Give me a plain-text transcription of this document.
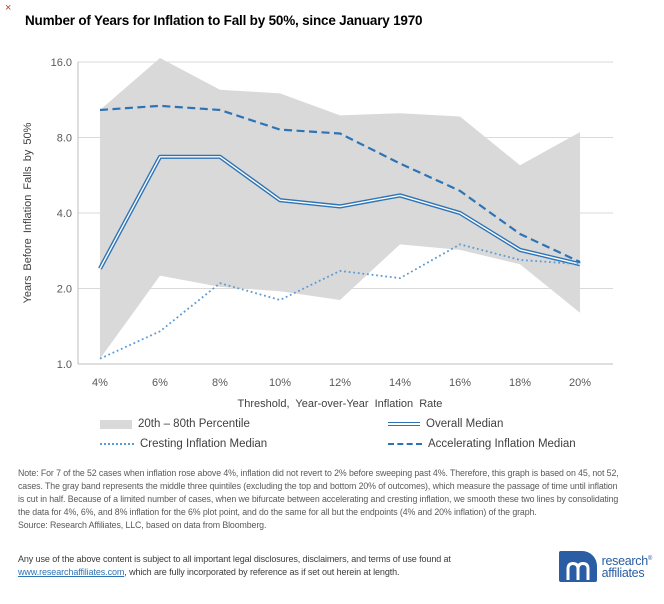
×
Number of Years for Inflation to Fall by 50%, since January 1970
1.0
2.0
4.0
8.0
16.0
4%	6%	8%	10%	12%	14%	16%	18%	20%
Threshold, Year-over-Year Inflation Rate
Years Before Inflation Falls by 50%
20th – 80th Percentile	Overall Median
Cresting Inflation Median	Accelerating Inflation Median
Note: For 7 of the 52 cases when inflation rose above 4%, inflation did not revert to 2% before sweeping past 4%. Therefore, this graph is based on 45, not 52,
cases. The gray band represents the middle three quintiles (excluding the top and bottom 20% of outcomes), which measure the passage of time until inflation
is cut in half. Because of a limited number of cases, when we bifurcate between accelerating and cresting inflation, we smooth these two lines by consolidating
the data for 4%, 6%, and 8% inflation for the 6% plot point, and do the same for all but the endpoints (4% and 20% inflation) of the graph.
Source: Research Affiliates, LLC, based on data from Bloomberg.
Any use of the above content is subject to all important legal disclosures, disclaimers, and terms of use found at
www.researchaffiliates.com, which are fully incorporated by reference as if set out herein at length.
research®
affiliates
